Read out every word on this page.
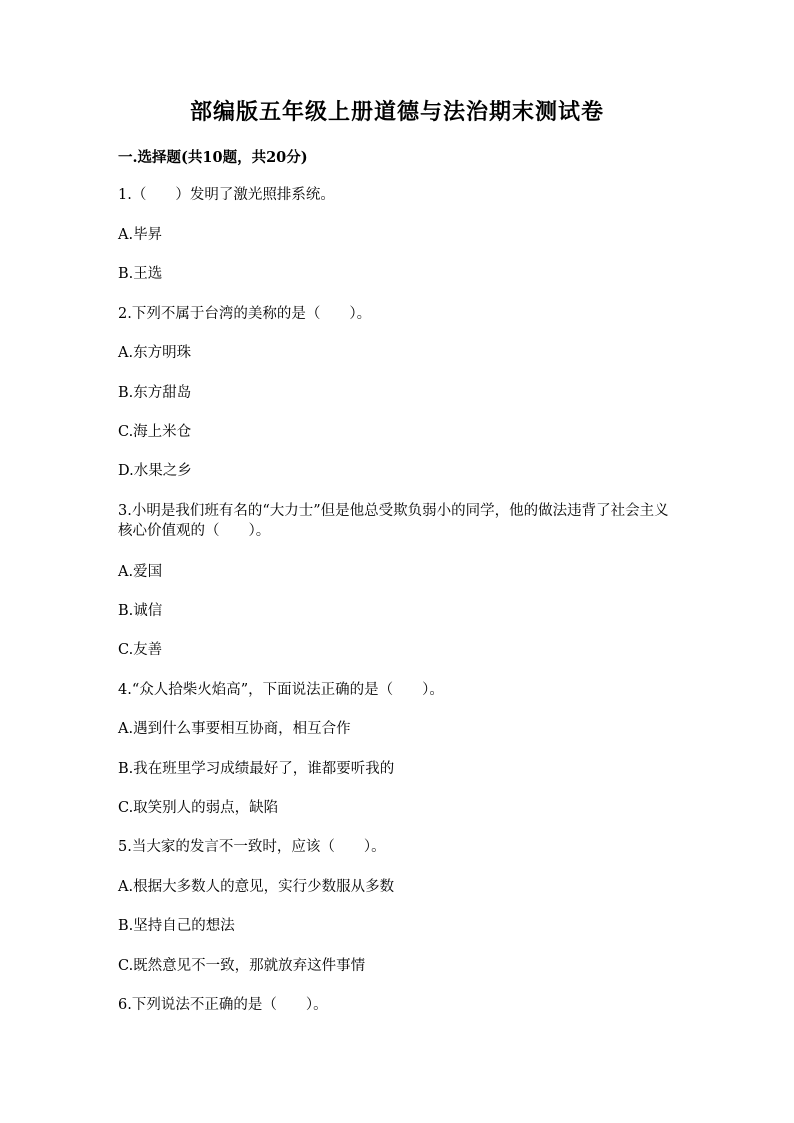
部编版五年级上册道德与法治期末测试卷
一.选择题(共10题，共20分)
1.（　　）发明了激光照排系统。
A.毕昇
B.王选
2.下列不属于台湾的美称的是（　　）。
A.东方明珠
B.东方甜岛
C.海上米仓
D.水果之乡
3.小明是我们班有名的“大力士”但是他总受欺负弱小的同学，他的做法违背了社会主义核心价值观的（　　）。
A.爱国
B.诚信
C.友善
4.“众人拾柴火焰高”，下面说法正确的是（　　）。
A.遇到什么事要相互协商，相互合作
B.我在班里学习成绩最好了，谁都要听我的
C.取笑别人的弱点，缺陷
5.当大家的发言不一致时，应该（　　）。
A.根据大多数人的意见，实行少数服从多数
B.坚持自己的想法
C.既然意见不一致，那就放弃这件事情
6.下列说法不正确的是（　　）。
